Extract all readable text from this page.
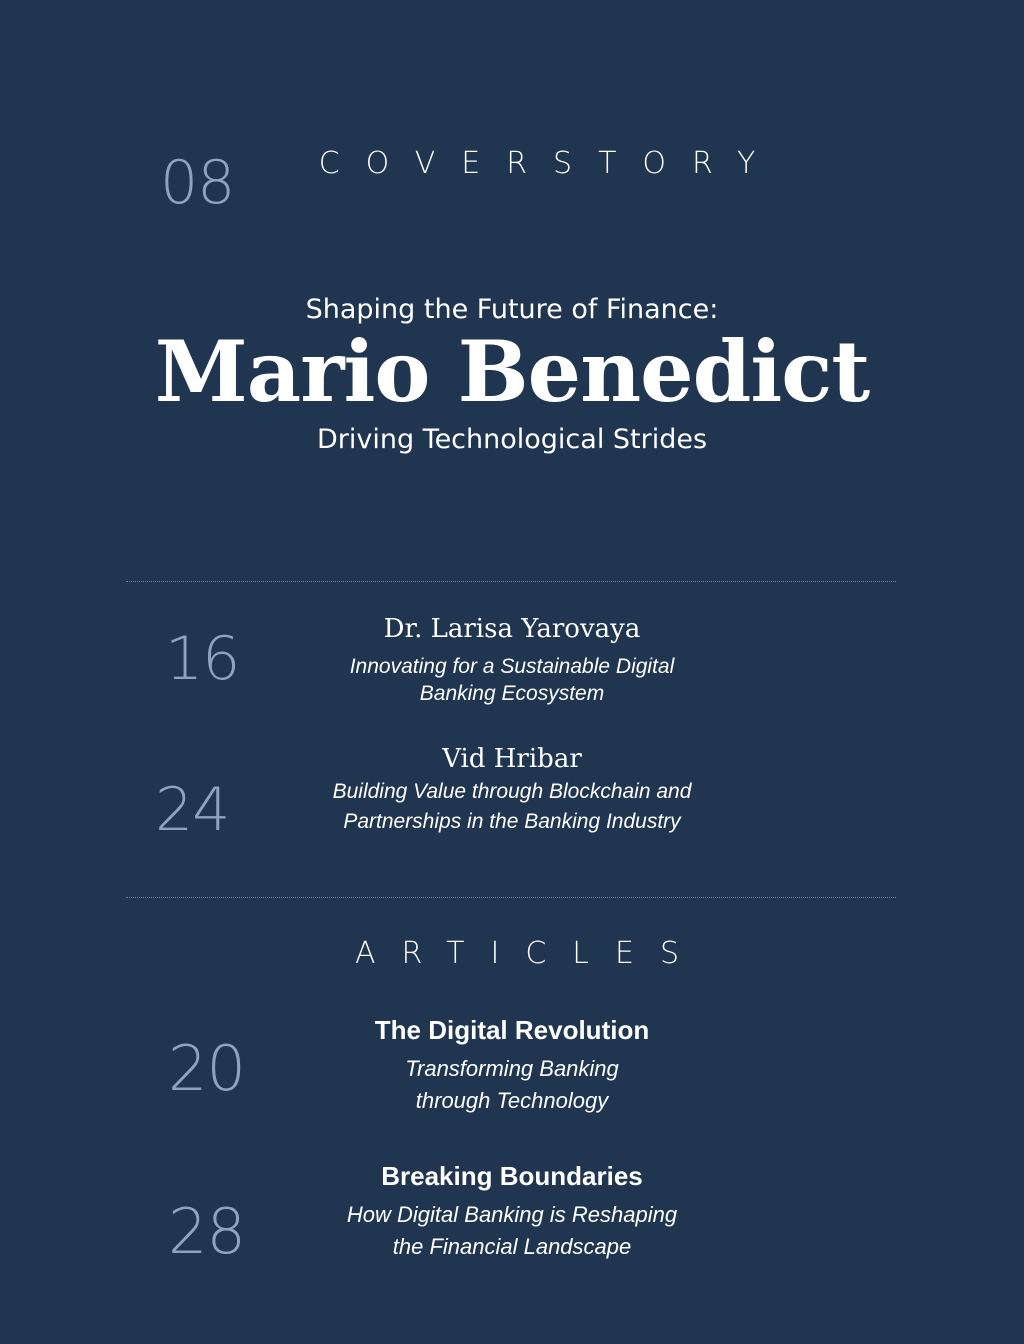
08	COVERSTORY
Shaping the Future of Finance:
Mario Benedict
Driving Technological Strides
16	Dr. Larisa Yarovaya
Innovating for a Sustainable Digital
Banking Ecosystem
24
Vid Hribar
Building Value through Blockchain and
Partnerships in the Banking Industry
ARTICLES
20
The Digital Revolution
Transforming Banking
through Technology
28
Breaking Boundaries
How Digital Banking is Reshaping
the Financial Landscape
